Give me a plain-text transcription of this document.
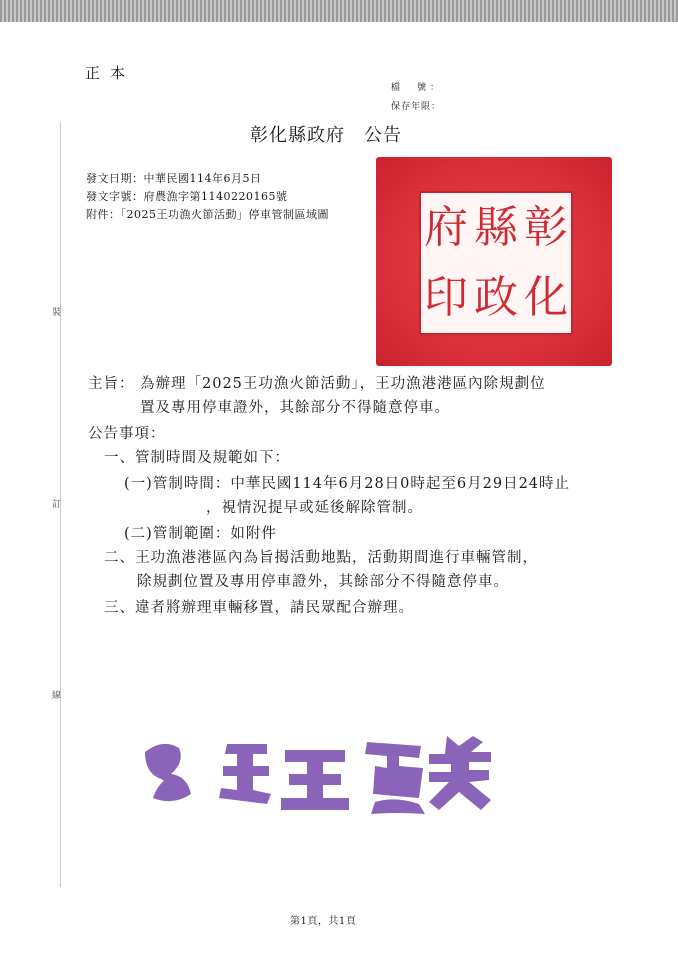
裝
訂
線
正本
檔　號：
保存年限：
彰化縣政府　公告
發文日期：中華民國114年6月5日
發文字號：府農漁字第1140220165號
附件：「2025王功漁火節活動」停車管制區域圖 府 縣 彰
印 政 化
主旨： 為辦理「2025王功漁火節活動」，王功漁港港區內除規劃位
置及專用停車證外，其餘部分不得隨意停車。
公告事項：
一、管制時間及規範如下：
(一)管制時間：中華民國114年6月28日0時起至6月29日24時止
，視情況提早或延後解除管制。
(二)管制範圍：如附件
二、王功漁港港區內為旨揭活動地點，活動期間進行車輛管制，
除規劃位置及專用停車證外，其餘部分不得隨意停車。
三、違者將辦理車輛移置，請民眾配合辦理。
第1頁，共1頁
